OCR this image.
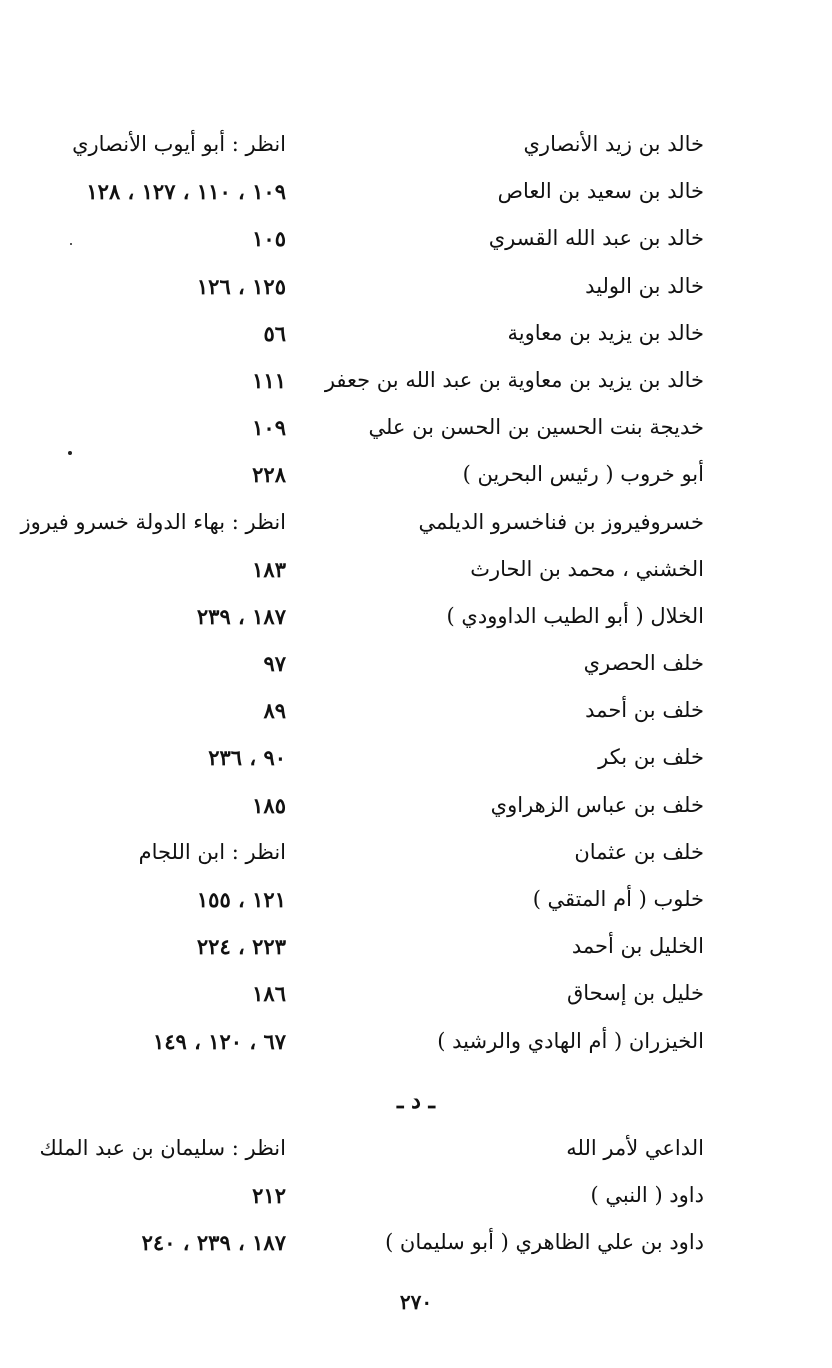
خالد بن زيد الأنصاري
انظر : أبو أيوب الأنصاري
خالد بن سعيد بن العاص
١٠٩ ، ١١٠ ، ١٢٧ ، ١٢٨
خالد بن عبد الله القسري
١٠٥
خالد بن الوليد
١٢٥ ، ١٢٦
خالد بن يزيد بن معاوية
٥٦
خالد بن يزيد بن معاوية بن عبد الله بن جعفر
١١١
خديجة بنت الحسين بن الحسن بن علي
١٠٩
أبو خروب ( رئيس البحرين )
٢٢٨
خسروفيروز بن فناخسرو الديلمي
انظر : بهاء الدولة خسرو فيروز
الخشني ، محمد بن الحارث
١٨٣
الخلال ( أبو الطيب الداوودي )
١٨٧ ، ٢٣٩
خلف الحصري
٩٧
خلف بن أحمد
٨٩
خلف بن بكر
٩٠ ، ٢٣٦
خلف بن عباس الزهراوي
١٨٥
خلف بن عثمان
انظر : ابن اللجام
خلوب ( أم المتقي )
١٢١ ، ١٥٥
الخليل بن أحمد
٢٢٣ ، ٢٢٤
خليل بن إسحاق
١٨٦
الخيزران ( أم الهادي والرشيد )
٦٧ ، ١٢٠ ، ١٤٩
ـ د ـ
الداعي لأمر الله
انظر : سليمان بن عبد الملك
داود ( النبي )
٢١٢
داود بن علي الظاهري ( أبو سليمان )
١٨٧ ، ٢٣٩ ، ٢٤٠
٢٧٠
